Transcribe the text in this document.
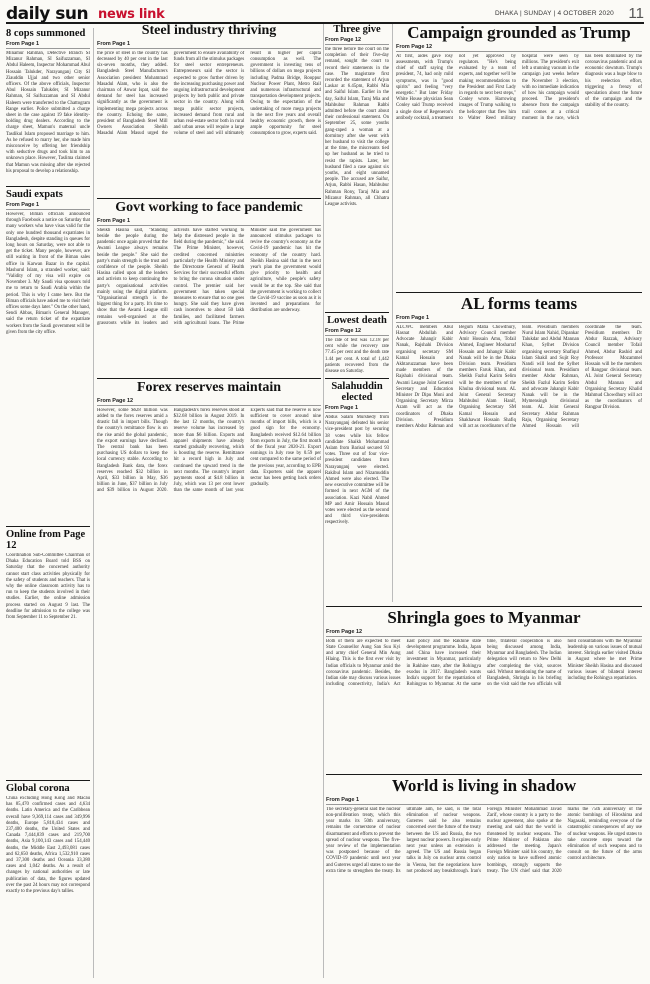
daily sun news link	DHAKA | SUNDAY | 4 OCTOBER 2020 11
8 cops summoned
From Page 1
Minamur Rahman, Detective Branch SI Mizanur Rahman, SI Saifuzzaman, SI Abdul Haleem, Inspector Mohammad Abul Hossain Talukder, Narayanganj City SI Ziauddin Ujjal and two other senior officers. Of the above officials, Inspector Abul Hossain Talukder, SI Mizanur Rahman, SI Saifuzzaman and SI Abdul Haleem were transferred to the Chattogram Range earlier. Police submitted a charge sheet in the case against 19 fake identity-holding drug dealers. According to the charge sheet, Mamun's maternal uncle Tasdikul Islam proposed marriage to him. As he refused to marry her, she made him misconceive by offering her friendship with seductive drugs and took him to an unknown place. However, Taslima claimed that Mamun was missing after she rejected his proposal to develop a relationship.
Saudi expats
From Page 1
However, Biman officials announced through Facebook a notice on Saturday that many workers who have visas valid for the only one hundred thousand expatriates in Bangladesh, despite standing in queues for long hours on Saturday, were not able to get the ticket. Many people, however, are still waiting in front of the Biman sales office in Karwan Bazar in the capital. Mashurul Islam, a stranded worker, said: "Validity of my visa will expire on November 3. My Saudi visa sponsors told me to return to Saudi Arabia within the period. This is why I came here. But the Biman officials have asked me to visit their offices some days later." On the other hand, Sendi Abbas, Biman's General Manager, said the return ticket of the expatriate workers from the Saudi government will be given from the city office.
Online from Page 12
Coordination Sub-Committee Chairman of Dhaka Education Board told BSS on Saturday that the concerned authority cannot start class activities physically for the safety of students and teachers. That is why the online classroom activity has to run to keep the students involved in their studies. Earlier, the online admission process started on August 9 last. The deadline for admission to the college was from September 11 to September 21.
Global corona
China excluding Hong Kong and Macau has 85,470 confirmed cases and 4,634 deaths. Latin America and the Caribbean overall have 9,369,114 cases and 349,996 deaths, Europe 5,810,434 cases and 237,400 deaths, the United States and Canada 7,444,839 cases and 219,700 deaths, Asia 9,100,143 cases and 154,440 deaths, the Middle East 2,493,081 cases and 62,650 deaths, Africa 1,532,910 cases and 37,300 deaths and Oceania 33,380 cases and 1,042 deaths. As a result of changes by national authorities or late publication of data, the figures updated over the past 24 hours may not correspond exactly to the previous day's tallies.
Steel industry thriving
From Page 1
the price of steel in the country has decreased by 40 per cent in the last six-seven months, they added. Bangladesh Steel Manufacturers Association president Mohammad Masadul Alam, who is also the chairman of Anwar Ispat, said the demand for steel has increased significantly as the government is implementing mega projects across the country. Echoing the same, president of Bangladesh Steel Mill Owners Association Sheikh Masadul Alam Masud urged the government to ensure availability of funds from all the stimulus packages for steel sector entrepreneurs. Entrepreneurs said the sector is expected to grow further driven by the increasing purchasing power and ongoing infrastructural development projects by both public and private sector in the country. Along with mega public sector projects, increased demand from rural and urban real-estate sector both in rural and urban areas will require a large volume of steel and will ultimately result in higher per capita consumption as well. The government is investing tens of billions of dollars on mega projects including Padma Bridge, Rooppur Nuclear Power Plant, Metro Rail and numerous infrastructural and transportation development projects. Owing to the expectation of the undertaking of more mega projects in the next five years and overall healthy economic growth, there is ample opportunity for steel consumption to grow, experts said.
Three give
From Page 12
the three before the court on the completion of their five-day remand, sought the court to record their statements in the case. The magistrate first recorded the statement of Arjun Laskar at 6.45pm, Rabbi Mia and Saiful Islam. Earlier in the day, Saiful Islam, Taraj Mia and Mahbubur Rahman Rabbi admitted before the court about their confessional statement. On September 25, some youths gang-raped a woman at a dormitory after she went with her husband to visit the college at the time, the miscreants tied up her husband as he tried to resist the rapists. Later, her husband filed a case against six youths, and eight unnamed people. The accused are Saifur, Arjun, Rabbi Hasan, Mahbubur Rahman Rony, Taraj Mia and Mizanur Rahman, all Chhatra League activists.
Lowest death
From Page 12
The rate of test was 12.18 per cent while the recovery rate 77.45 per cent and the death rate 1.44 per cent. A total of 1,442 patients recovered from the disease on Saturday.
Salahuddin elected
From Page 1
Abdus Salam Murshedy from Narayanganj defeated his senior vice-president post by securing 38 votes while his fellow candidate Shaikh Mohammad Aslam from Barisal secured 93 votes. Three out of four vice-president candidates from Narayanganj were elected. Rakibul Islam and Nizamuddin Ahmed were also elected. The new executive committee will be formed in next AGM of the association. Kazi Nabil Ahmed MP and Amir Hossain Masud votes were elected as the second and third vice-presidents respectively.
Campaign grounded as Trump
From Page 12
At first, aides gave rosy assessments, with Trump's chief of staff saying the president, 74, had only mild symptoms, was in "good spirits" and feeling "very energetic." But later Friday White House physician Sean Conley said Trump received a single dose of Regeneron's antibody cocktail, a treatment not yet approved by regulators. "He's being evaluated by a team of experts, and together we'll be making recommendations to the President and First Lady in regards to next best steps," Conley wrote. Harrowing images of Trump walking to the helicopter that flew him to Walter Reed military hospital were seen by millions. The president's exit left a stunning vacuum in the campaign just weeks before the November 3 election, with no immediate indication of how his campaign would proceed. The president's absence from the campaign trail comes at a critical moment in the race, which has been dominated by the coronavirus pandemic and an economic downturn. Trump's diagnosis was a huge blow to his reelection effort, triggering a frenzy of speculation about the future of the campaign and the stability of the country.
Govt working to face pandemic
From Page 1
Sheikh Hasina said, "Standing beside the people during the pandemic once again proved that the Awami League always remains beside the people." She said the party's main strength is the trust and confidence of the people. Sheikh Hasina called upon all the leaders and activists to keep continuing the party's organisational activities mainly using the digital platform. "Organisational strength is the biggest thing for a party. It's time to show that the Awami League still remains well-organised at the grassroots while its leaders and activists have started working to help the distressed people in the field during the pandemic," she said. The Prime Minister, however, credited concerned ministries particularly the Health Ministry and the Directorate General of Health Services for their successful efforts to bring the corona situation under control. The premier said her government has taken special measures to ensure that no one goes hungry. She said they have given cash incentives to about 50 lakh families, and facilitated farmers with agricultural loans. The Prime Minister said the government has announced stimulus packages to revive the country's economy as the Covid-19 pandemic has hit the economy of the country hard. Sheikh Hasina said that in the next year's plan the government would give priority to health and agriculture, while people's safety would be at the top. She said that the government is working to collect the Covid-19 vaccine as soon as it is invented and preparations for distribution are underway.	AL forms teams
From Page 1
ALCWC members Abul Hasnat Abdullah and Advocate Jahangir Kabir Nanak, Rajshahi Division organising secretary SM Kamal Hossain and Akhtaruzzaman have been made members of the Rajshahi divisional team. Awami League Joint General Secretary and Education Minister Dr Dipu Moni and Organising Secretary Mirza Azam will act as the coordinators of Dhaka Division. Presidium members Abdur Rahman and Begum Matia Chowdhury, Advisory Council member Amir Hossain Amu, Tofail Ahmed, Engineer Mosharraf Hossain and Jahangir Kabir Nanak will be in the Dhaka Division team. Presidium members Faruk Khan, and Sheikh Fazlul Karim Selim will be the members of the Khulna divisional team. AL Joint General Secretary Mahbubul Alam Hanif, Organising Secretary SM Kamal Hossain and Shakhawat Hossain Shafiq will act as coordinators of the team. Presidium members Nurul Islam Nahid, Dipankar Talukdar and Abdul Mannan Khan, Sylhet Division organising secretary Shafiqul Islam Shakil and Sujit Roy Nandi will lead the Sylhet divisional team. Presidium member Abdur Rahman, Sheikh Fazlul Karim Selim and advocate Jahangir Kabir Nanak will be in the Mymensingh divisional team. AL Joint General Secretary Abdur Rahman Raju, Organising Secretary Ahmed Hossain will coordinate the team. Presidium members Dr Abdur Razzak, Advisory Council member Tofail Ahmed, Abdur Rashid and Professor Mozammel Hossain will be the members of Rangpur divisional team. AL Joint General Secretary Abdul Mannan and Organising Secretary Khalid Mahmud Chowdhury will act as the coordinators of Rangpur Division.
Forex reserves maintain
From Page 12
However, some $628 million was added to the forex reserves amid a drastic fall in import bills. Though the country's remittance flow is on the rise amid the global pandemic, the export earnings have declined. The central bank has been purchasing US dollars to keep the local currency stable. According to Bangladesh Bank data, the forex reserves reached $32 billion in April, $33 billion in May, $36 billion in June, $37 billion in July and $39 billion in August 2020. Bangladesh's forex reserves stood at $32.68 billion in August 2019. In the last 12 months, the country's reserve volume has increased by more than $6 billion. Exports and apparel shipments have already started gradually recovering, which is boosting the reserve. Remittance hit a record high in July and continued the upward trend in the next months. The country's import payments stood at $4.8 billion in July, which was 13 per cent lower than the same month of last year. Experts said that the reserve is now sufficient to cover around nine months of import bills, which is a good sign for the economy. Bangladesh received $12.64 billion from exports in July, the first month of the fiscal year 2020-21. Export earnings in July rose by 0.59 per cent compared to the same period of the previous year, according to EPB data. Exporters said the apparel sector has been getting back orders gradually.
Shringla goes to Myanmar
From Page 12
Both of them are expected to meet State Counsellor Aung San Suu Kyi and army chief General Min Aung Hlaing. This is the first ever visit by Indian officials to Myanmar amid the coronavirus pandemic. Besides, the Indian side may discuss various issues including connectivity, India's Act East policy and the Rakhine state development programme. India, Japan and China have increased their investment in Myanmar, particularly in Rakhine state, after the Rohingya exodus in 2017. Bangladesh wants India's support for the repatriation of Rohingyas to Myanmar. At the same time, trilateral cooperation is also being discussed among India, Myanmar and Bangladesh. The Indian delegation will return to New Delhi after completing the visit, sources said. Without mentioning the name of Bangladesh, Shringla in his briefing on the visit said the two officials will hold consultations with the Myanmar leadership on various issues of mutual interest. Shringla earlier visited Dhaka in August where he met Prime Minister Sheikh Hasina and discussed various issues of bilateral interest including the Rohingya repatriation.
World is living in shadow
From Page 1
The secretary-general said the nuclear non-proliferation treaty, which this year marks its 50th anniversary, remains the cornerstone of nuclear disarmament and efforts to prevent the spread of nuclear weapons. The five-year review of the implementation was postponed because of the COVID-19 pandemic until next year and Guterres urged all states to use the extra time to strengthen the treaty. Its ultimate aim, he said, is the total elimination of nuclear weapons. Guterres said he also remains concerned over the future of the treaty between the US and Russia, the two largest nuclear powers. It expires early next year unless an extension is agreed. The US and Russia began talks in July on nuclear arms control in Vienna, but the negotiations have not produced any breakthrough. Iran's Foreign Minister Mohammad Javad Zarif, whose country is a party to the nuclear agreement, also spoke at the meeting and said that the world is threatened by nuclear weapons. The Prime Minister of Pakistan also addressed the meeting. Japan's Foreign Minister said his country, the only nation to have suffered atomic bombings, strongly supports the treaty. The UN chief said that 2020 marks the 75th anniversary of the atomic bombings of Hiroshima and Nagasaki, reminding everyone of the catastrophic consequences of any use of nuclear weapons. He urged states to take concrete steps toward the elimination of such weapons and to consult on the future of the arms control architecture.
